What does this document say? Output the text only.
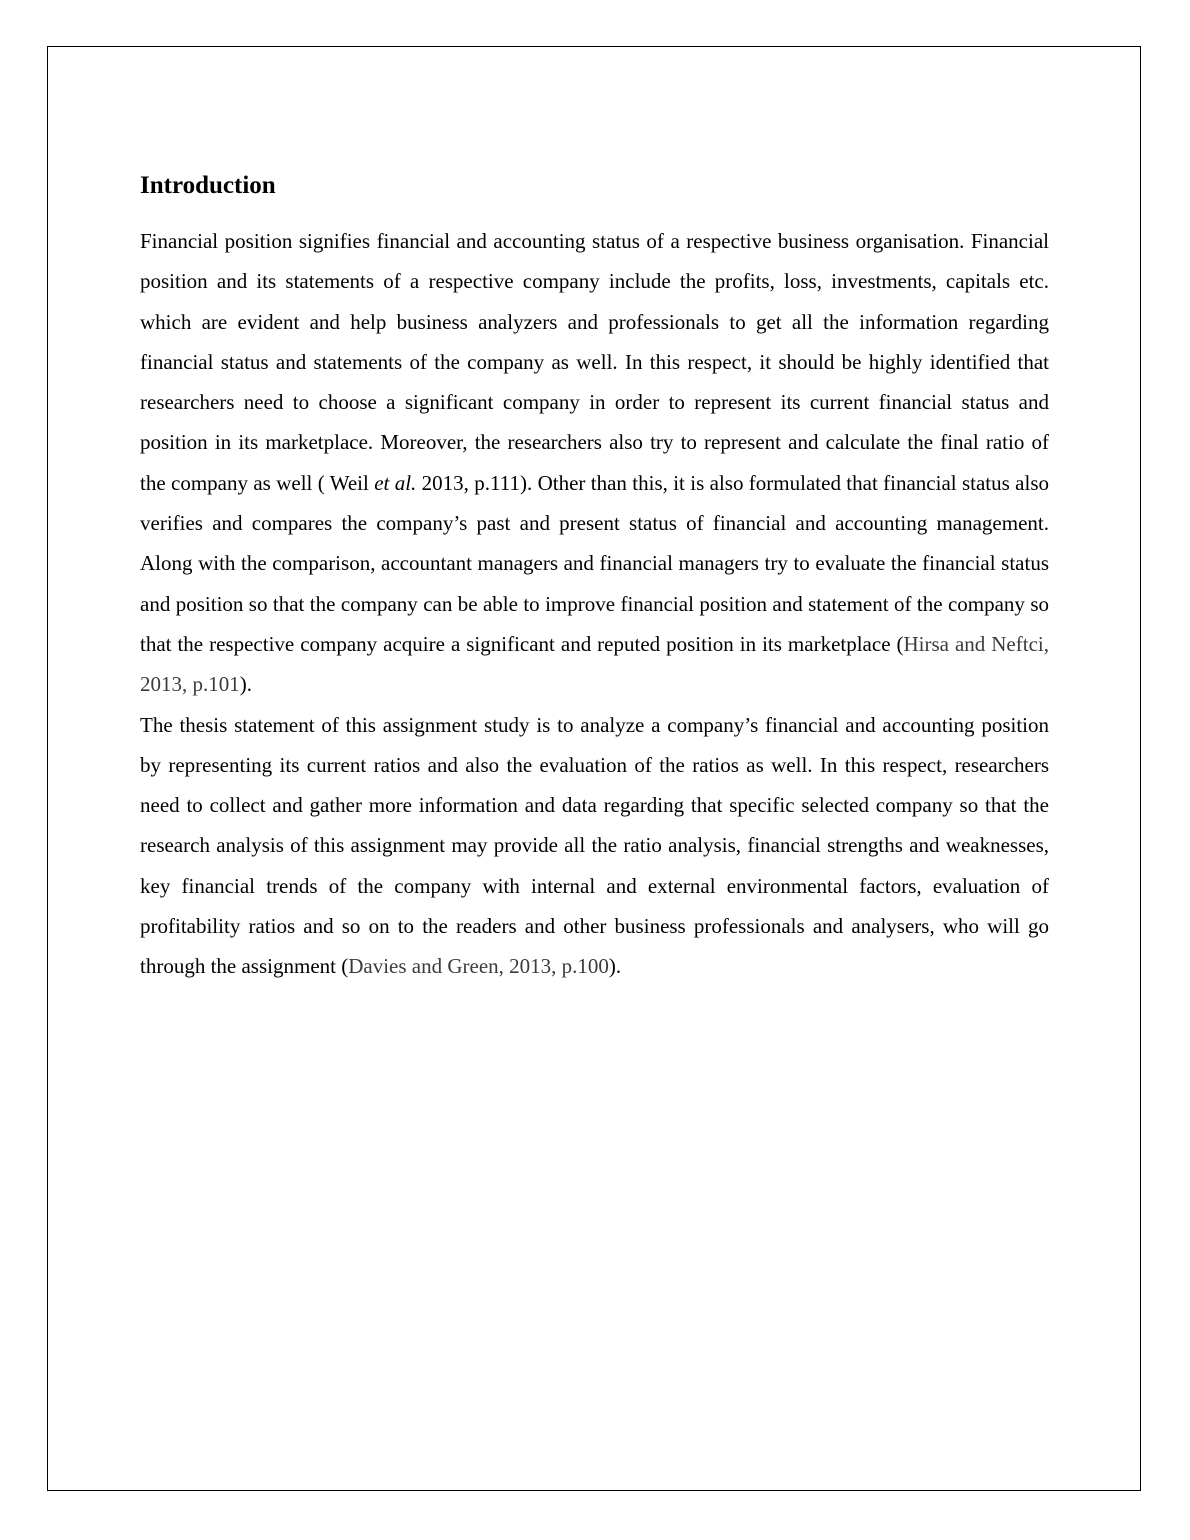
Introduction

Financial position signifies financial and accounting status of a respective business organisation. Financial position and its statements of a respective company include the profits, loss, investments, capitals etc. which are evident and help business analyzers and professionals to get all the information regarding financial status and statements of the company as well. In this respect, it should be highly identified that researchers need to choose a significant company in order to represent its current financial status and position in its marketplace. Moreover, the researchers also try to represent and calculate the final ratio of the company as well ( Weil et al. 2013, p.111). Other than this, it is also formulated that financial status also verifies and compares the company’s past and present status of financial and accounting management. Along with the comparison, accountant managers and financial managers try to evaluate the financial status and position so that the company can be able to improve financial position and statement of the company so that the respective company acquire a significant and reputed position in its marketplace (Hirsa and Neftci, 2013, p.101).

The thesis statement of this assignment study is to analyze a company’s financial and accounting position by representing its current ratios and also the evaluation of the ratios as well. In this respect, researchers need to collect and gather more information and data regarding that specific selected company so that the research analysis of this assignment may provide all the ratio analysis, financial strengths and weaknesses, key financial trends of the company with internal and external environmental factors, evaluation of profitability ratios and so on to the readers and other business professionals and analysers, who will go through the assignment (Davies and Green, 2013, p.100).
